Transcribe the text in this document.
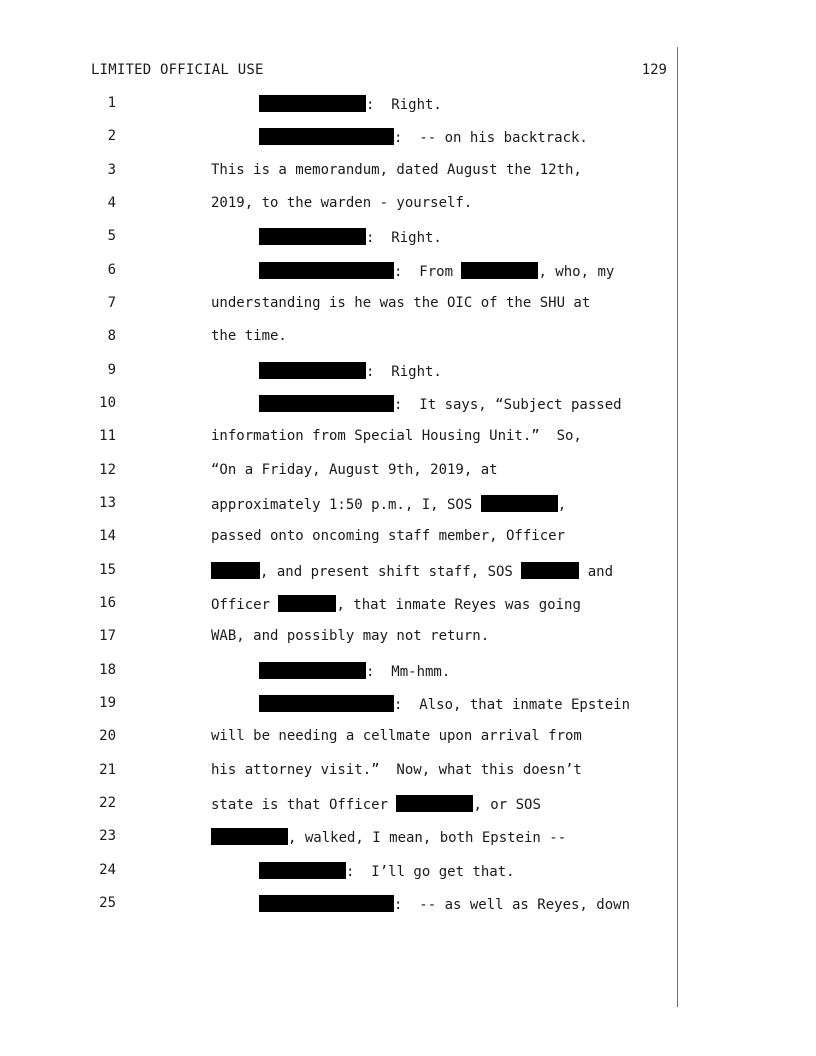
LIMITED OFFICIAL USE	129
1	:  Right.
2	:  -- on his backtrack.
3	This is a memorandum, dated August the 12th,
4	2019, to the warden - yourself.
5	:  Right.
6	:  From	, who, my
7	understanding is he was the OIC of the SHU at
8	the time.
9	:  Right.
10	:  It says, “Subject passed
11	information from Special Housing Unit.”  So,
12	“On a Friday, August 9th, 2019, at
13	approximately 1:50 p.m., I, SOS	,
14	passed onto oncoming staff member, Officer
15	, and present shift staff, SOS	and
16	Officer	, that inmate Reyes was going
17	WAB, and possibly may not return.
18	:  Mm-hmm.
19	:  Also, that inmate Epstein
20	will be needing a cellmate upon arrival from
21	his attorney visit.”  Now, what this doesn’t
22	state is that Officer	, or SOS
23	, walked, I mean, both Epstein --
24	:  I’ll go get that.
25	:  -- as well as Reyes, down
